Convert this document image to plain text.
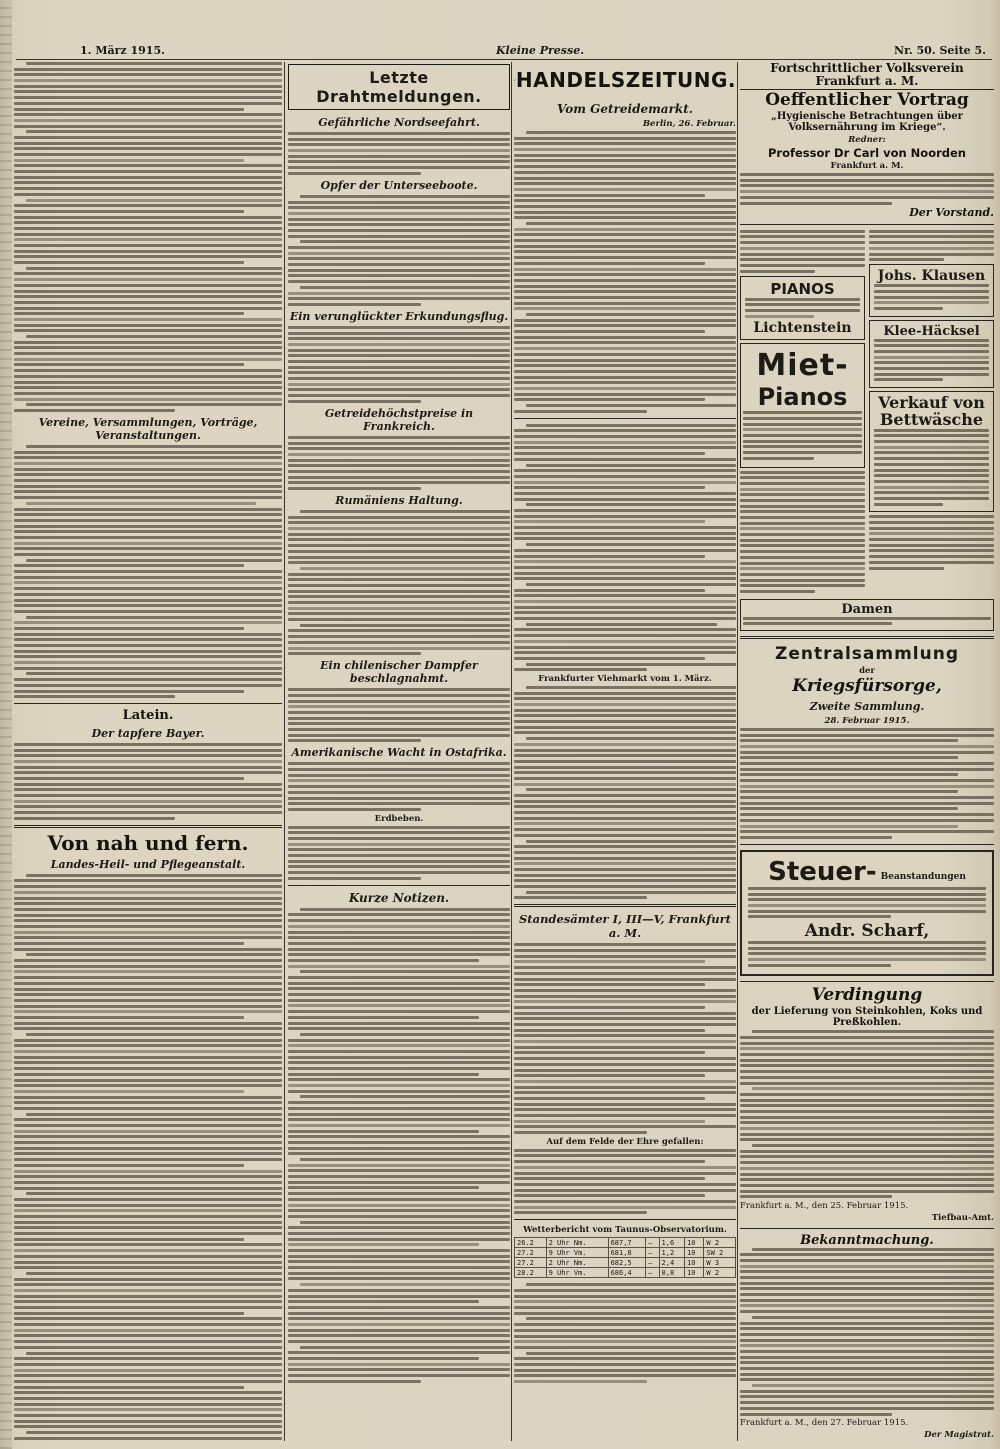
1. März 1915.	Kleine Presse.	Nr. 50. Seite 5.
Vereine, Versammlungen, Vorträge, Veranstaltungen.
Latein.
Der tapfere Bayer.
Von nah und fern.
Landes-Heil- und Pflegeanstalt.
Letzte Drahtmeldungen.
Gefährliche Nordseefahrt.
Opfer der Unterseeboote.
Ein verunglückter Erkundungsflug.
Getreidehöchstpreise in Frankreich.
Rumäniens Haltung.
Ein chilenischer Dampfer beschlagnahmt.
Amerikanische Wacht in Ostafrika.
Erdbeben.
Kurze Notizen.
HANDELSZEITUNG.
Vom Getreidemarkt.
Berlin, 26. Februar.
Frankfurter Viehmarkt vom 1. März.
Standesämter I, III—V, Frankfurt a. M.
Auf dem Felde der Ehre gefallen:
Wetterbericht vom Taunus-Observatorium.
26.2	2 Uhr Nm.	687,7	—	1,6	10	W 2
27.2	9 Uhr Vm.	681,8	—	1,2	10	SW 2
27.2	2 Uhr Nm.	682,5	—	2,4	10	W 3
28.2	9 Uhr Vm.	686,4	—	0,8	10	W 2
Fortschrittlicher Volksverein Frankfurt a. M.
Oeffentlicher Vortrag
„Hygienische Betrachtungen über Volksernährung im Kriege“.
Redner:
Professor Dr Carl von Noorden
Frankfurt a. M.
Der Vorstand.
PIANOS
Lichtenstein
Miet-
Pianos
Johs. Klausen
Klee-Häcksel
Verkauf von Bettwäsche
Damen
Zentralsammlung
der
Kriegsfürsorge,
Zweite Sammlung.
28. Februar 1915.
Steuer- Beanstandungen
Andr. Scharf,
Verdingung
der Lieferung von Steinkohlen, Koks und Preßkohlen.
Frankfurt a. M., den 25. Februar 1915.
Tiefbau-Amt.
Bekanntmachung.
Frankfurt a. M., den 27. Februar 1915.
Der Magistrat.
